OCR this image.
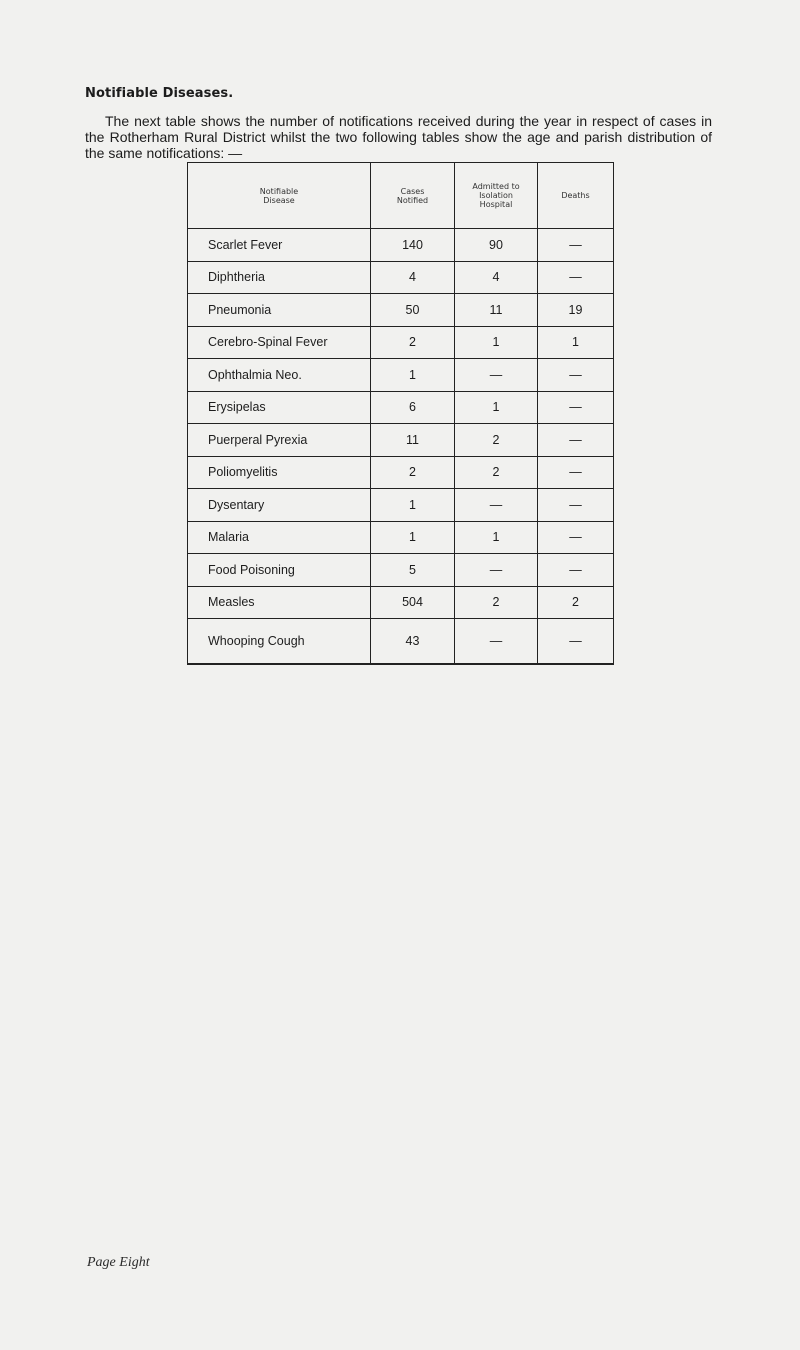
Notifiable Diseases.

The next table shows the number of notifications received during the year in respect of cases in the Rotherham Rural District whilst the two following tables show the age and parish distribution of the same notifications: —

Notifiable Disease	Cases Notified	Admitted to Isolation Hospital	Deaths
Scarlet Fever	140	90	—
Diphtheria	4	4	—
Pneumonia	50	11	19
Cerebro-Spinal Fever	2	1	1
Ophthalmia Neo.	1	—	—
Erysipelas	6	1	—
Puerperal Pyrexia	11	2	—
Poliomyelitis	2	2	—
Dysentary	1	—	—
Malaria	1	1	—
Food Poisoning	5	—	—
Measles	504	2	2
Whooping Cough	43	—	—
Page Eight
